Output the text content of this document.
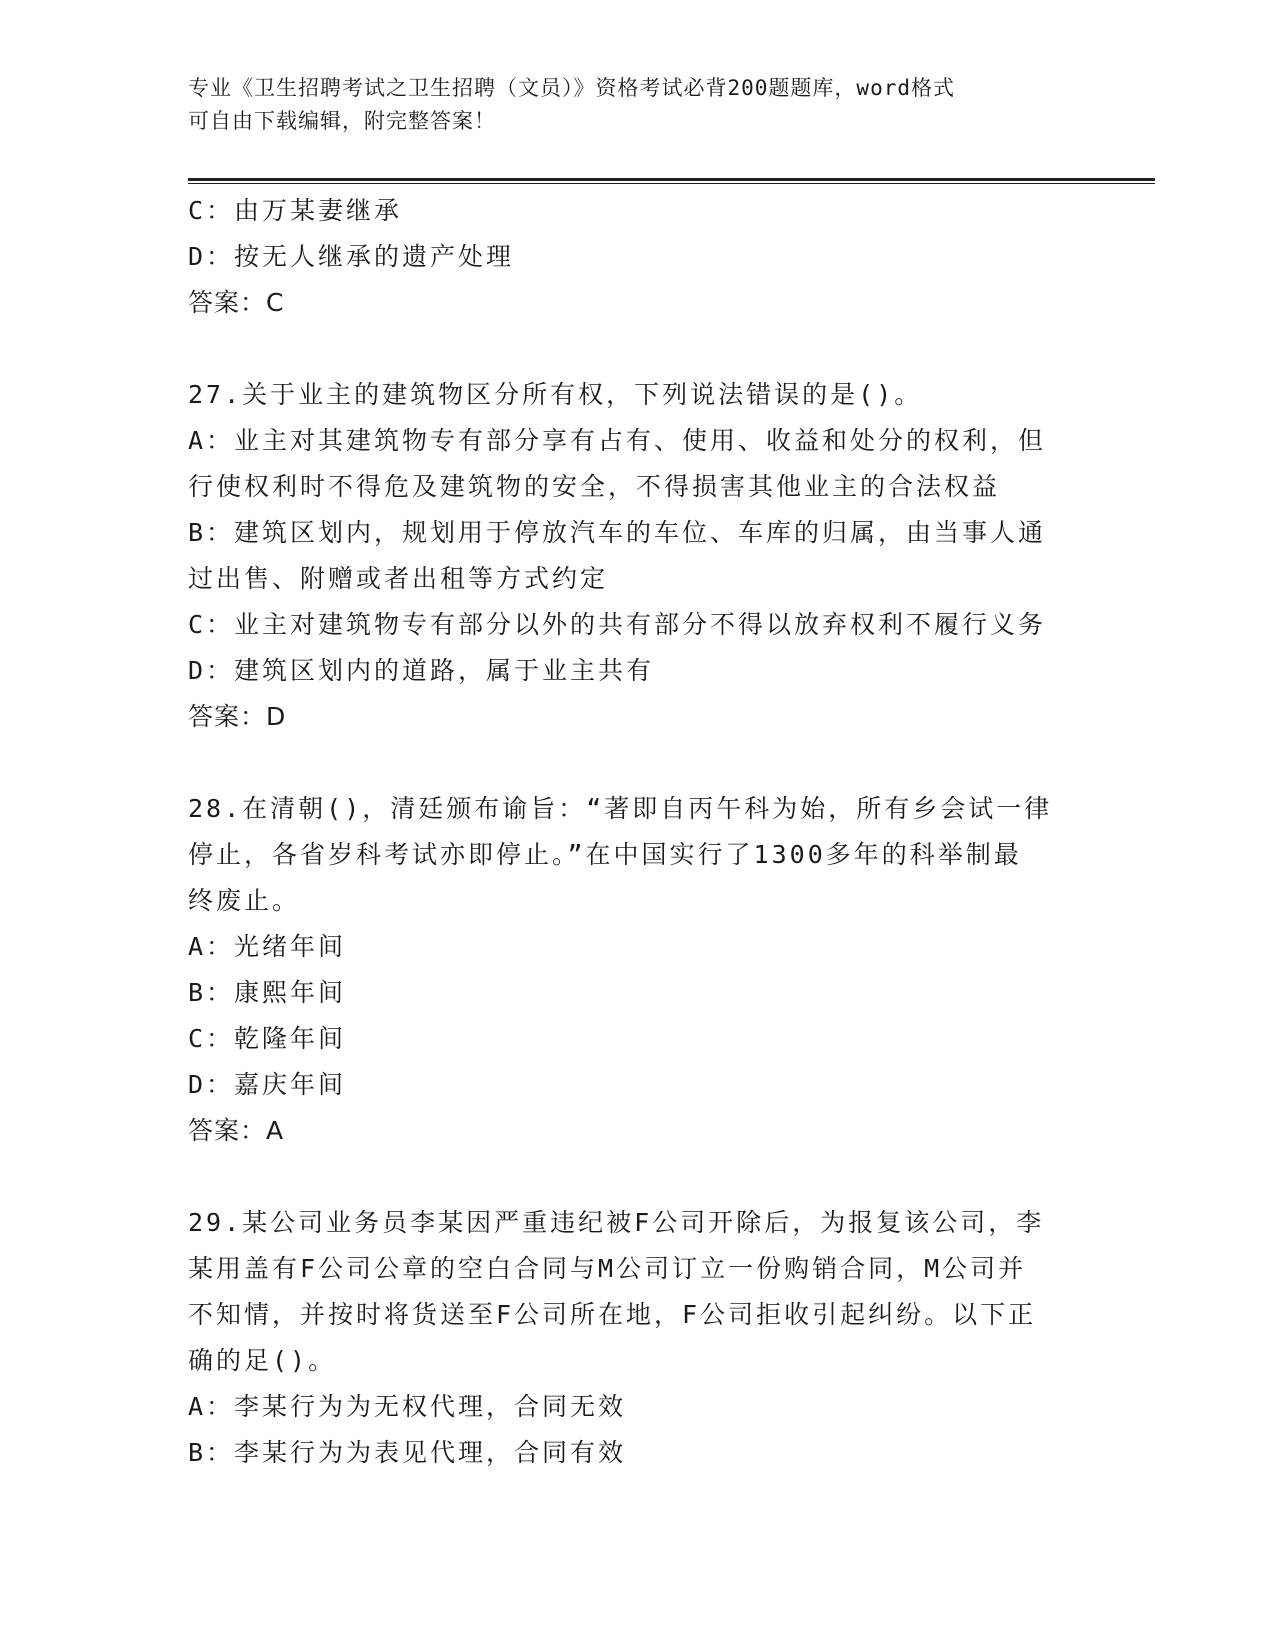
专业《卫生招聘考试之卫生招聘（文员）》资格考试必背200题题库，word格式
可自由下载编辑，附完整答案！
C：由万某妻继承
D：按无人继承的遗产处理
答案：C
27.关于业主的建筑物区分所有权，下列说法错误的是()。
A：业主对其建筑物专有部分享有占有、使用、收益和处分的权利，但
行使权利时不得危及建筑物的安全，不得损害其他业主的合法权益
B：建筑区划内，规划用于停放汽车的车位、车库的归属，由当事人通
过出售、附赠或者出租等方式约定
C：业主对建筑物专有部分以外的共有部分不得以放弃权利不履行义务
D：建筑区划内的道路，属于业主共有
答案：D
28.在清朝()，清廷颁布谕旨：“著即自丙午科为始，所有乡会试一律
停止，各省岁科考试亦即停止。”在中国实行了1300多年的科举制最
终废止。
A：光绪年间
B：康熙年间
C：乾隆年间
D：嘉庆年间
答案：A
29.某公司业务员李某因严重违纪被F公司开除后，为报复该公司，李
某用盖有F公司公章的空白合同与M公司订立一份购销合同，M公司并
不知情，并按时将货送至F公司所在地，F公司拒收引起纠纷。以下正
确的足()。
A：李某行为为无权代理，合同无效
B：李某行为为表见代理，合同有效
